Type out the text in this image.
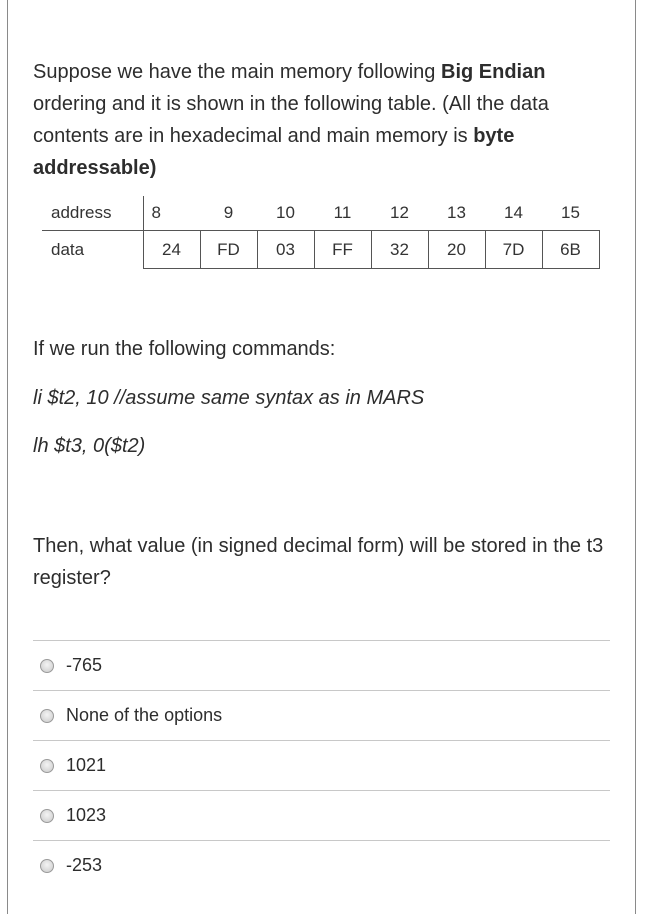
Suppose we have the main memory following Big Endian ordering and it is shown in the following table. (All the data contents are in hexadecimal and main memory is byte addressable)

address	8	9	10	11	12	13	14	15
data	24	FD	03	FF	32	20	7D	6B

If we run the following commands:

li $t2, 10 //assume same syntax as in MARS

lh $t3, 0($t2)

Then, what value (in signed decimal form) will be stored in the t3 register?

-765
None of the options
1021
1023
-253
